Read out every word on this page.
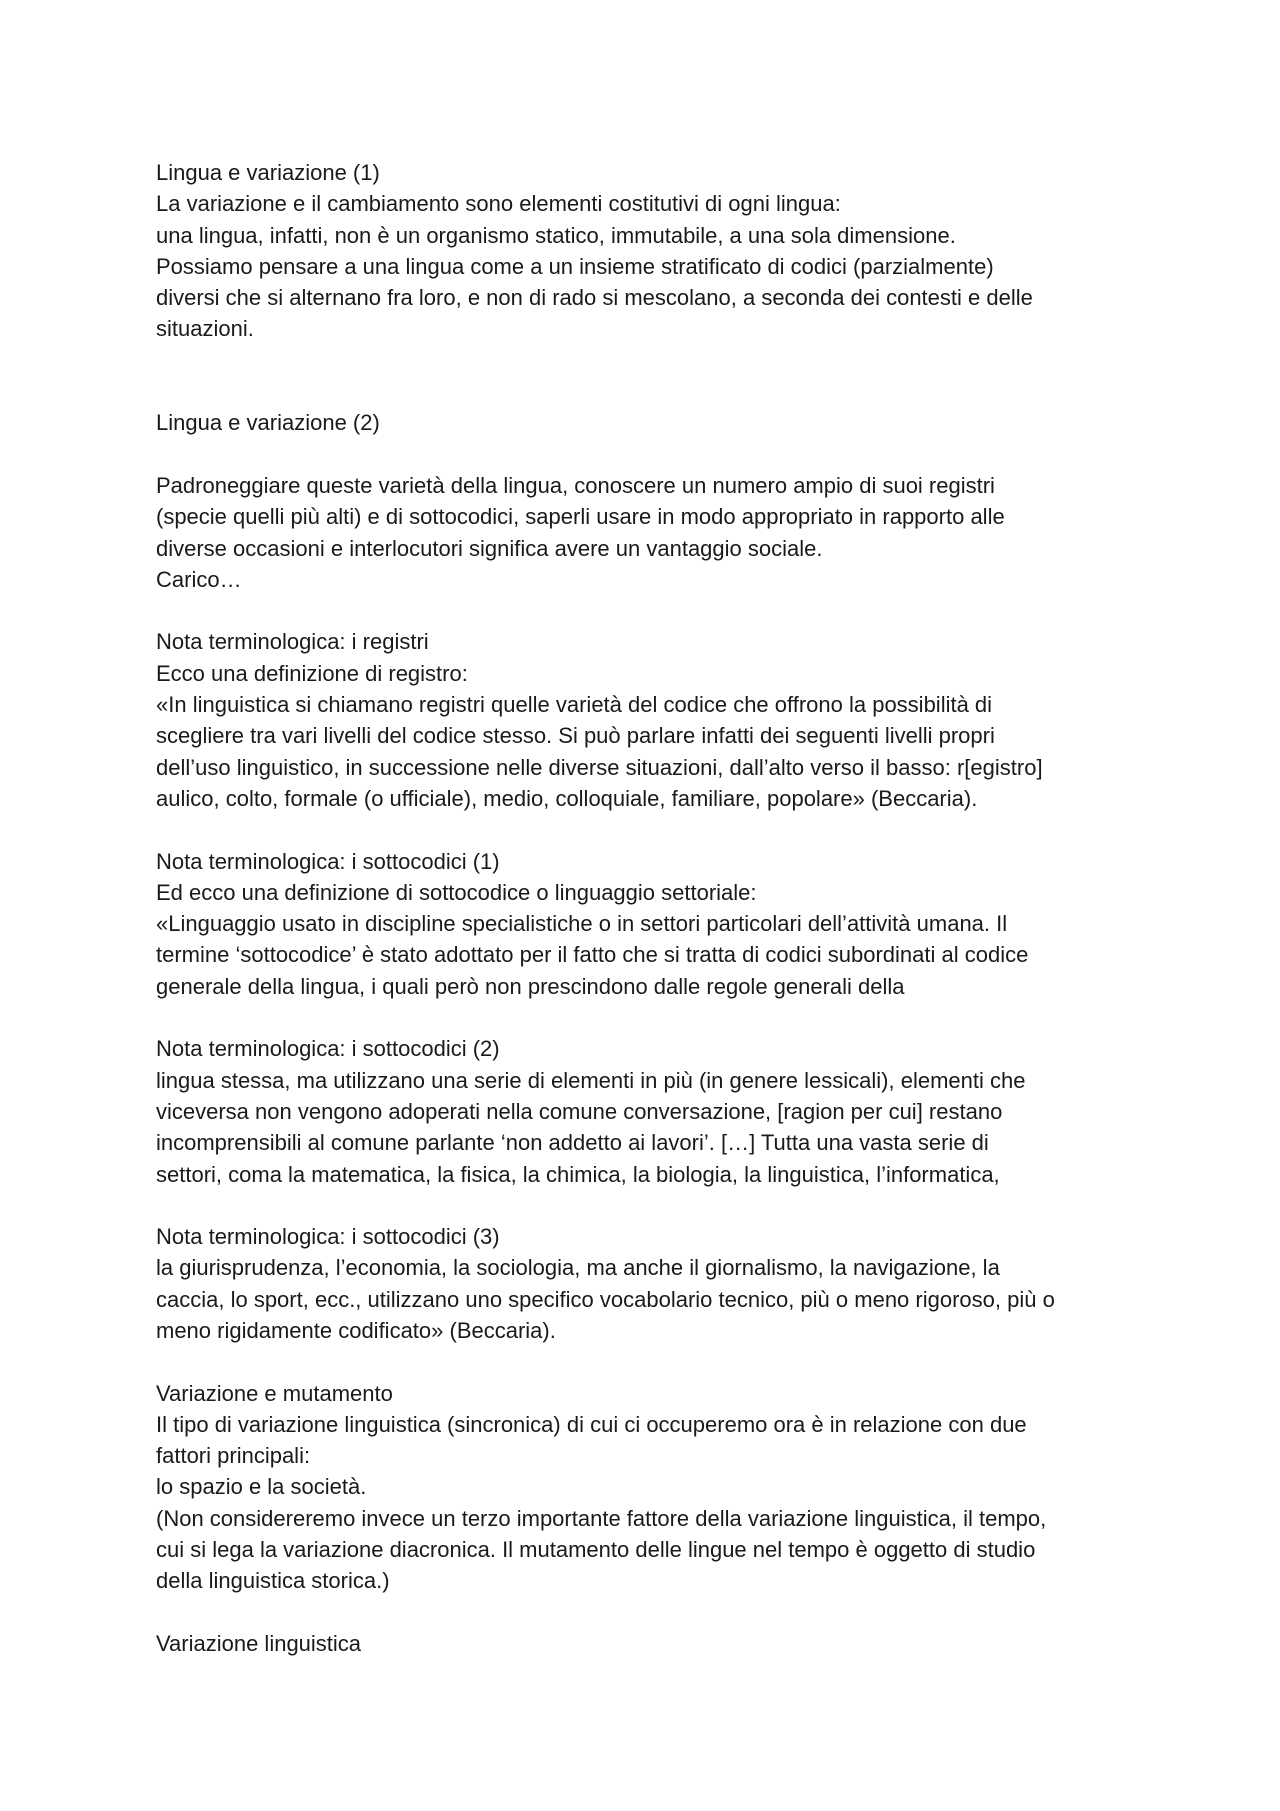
Lingua e variazione (1)
La variazione e il cambiamento sono elementi costitutivi di ogni lingua:
una lingua, infatti, non è un organismo statico, immutabile, a una sola dimensione.
Possiamo pensare a una lingua come a un insieme stratificato di codici (parzialmente)
diversi che si alternano fra loro, e non di rado si mescolano, a seconda dei contesti e delle
situazioni.
Lingua e variazione (2)
Padroneggiare queste varietà della lingua, conoscere un numero ampio di suoi registri
(specie quelli più alti) e di sottocodici, saperli usare in modo appropriato in rapporto alle
diverse occasioni e interlocutori significa avere un vantaggio sociale.
Carico…
Nota terminologica: i registri
Ecco una definizione di registro:
«In linguistica si chiamano registri quelle varietà del codice che offrono la possibilità di
scegliere tra vari livelli del codice stesso. Si può parlare infatti dei seguenti livelli propri
dell’uso linguistico, in successione nelle diverse situazioni, dall’alto verso il basso: r[egistro]
aulico, colto, formale (o ufficiale), medio, colloquiale, familiare, popolare» (Beccaria).
Nota terminologica: i sottocodici (1)
Ed ecco una definizione di sottocodice o linguaggio settoriale:
«Linguaggio usato in discipline specialistiche o in settori particolari dell’attività umana. Il
termine ‘sottocodice’ è stato adottato per il fatto che si tratta di codici subordinati al codice
generale della lingua, i quali però non prescindono dalle regole generali della
Nota terminologica: i sottocodici (2)
lingua stessa, ma utilizzano una serie di elementi in più (in genere lessicali), elementi che
viceversa non vengono adoperati nella comune conversazione, [ragion per cui] restano
incomprensibili al comune parlante ‘non addetto ai lavori’. […] Tutta una vasta serie di
settori, coma la matematica, la fisica, la chimica, la biologia, la linguistica, l’informatica,
Nota terminologica: i sottocodici (3)
la giurisprudenza, l’economia, la sociologia, ma anche il giornalismo, la navigazione, la
caccia, lo sport, ecc., utilizzano uno specifico vocabolario tecnico, più o meno rigoroso, più o
meno rigidamente codificato» (Beccaria).
Variazione e mutamento
Il tipo di variazione linguistica (sincronica) di cui ci occuperemo ora è in relazione con due
fattori principali:
lo spazio e la società.
(Non considereremo invece un terzo importante fattore della variazione linguistica, il tempo,
cui si lega la variazione diacronica. Il mutamento delle lingue nel tempo è oggetto di studio
della linguistica storica.)
Variazione linguistica
